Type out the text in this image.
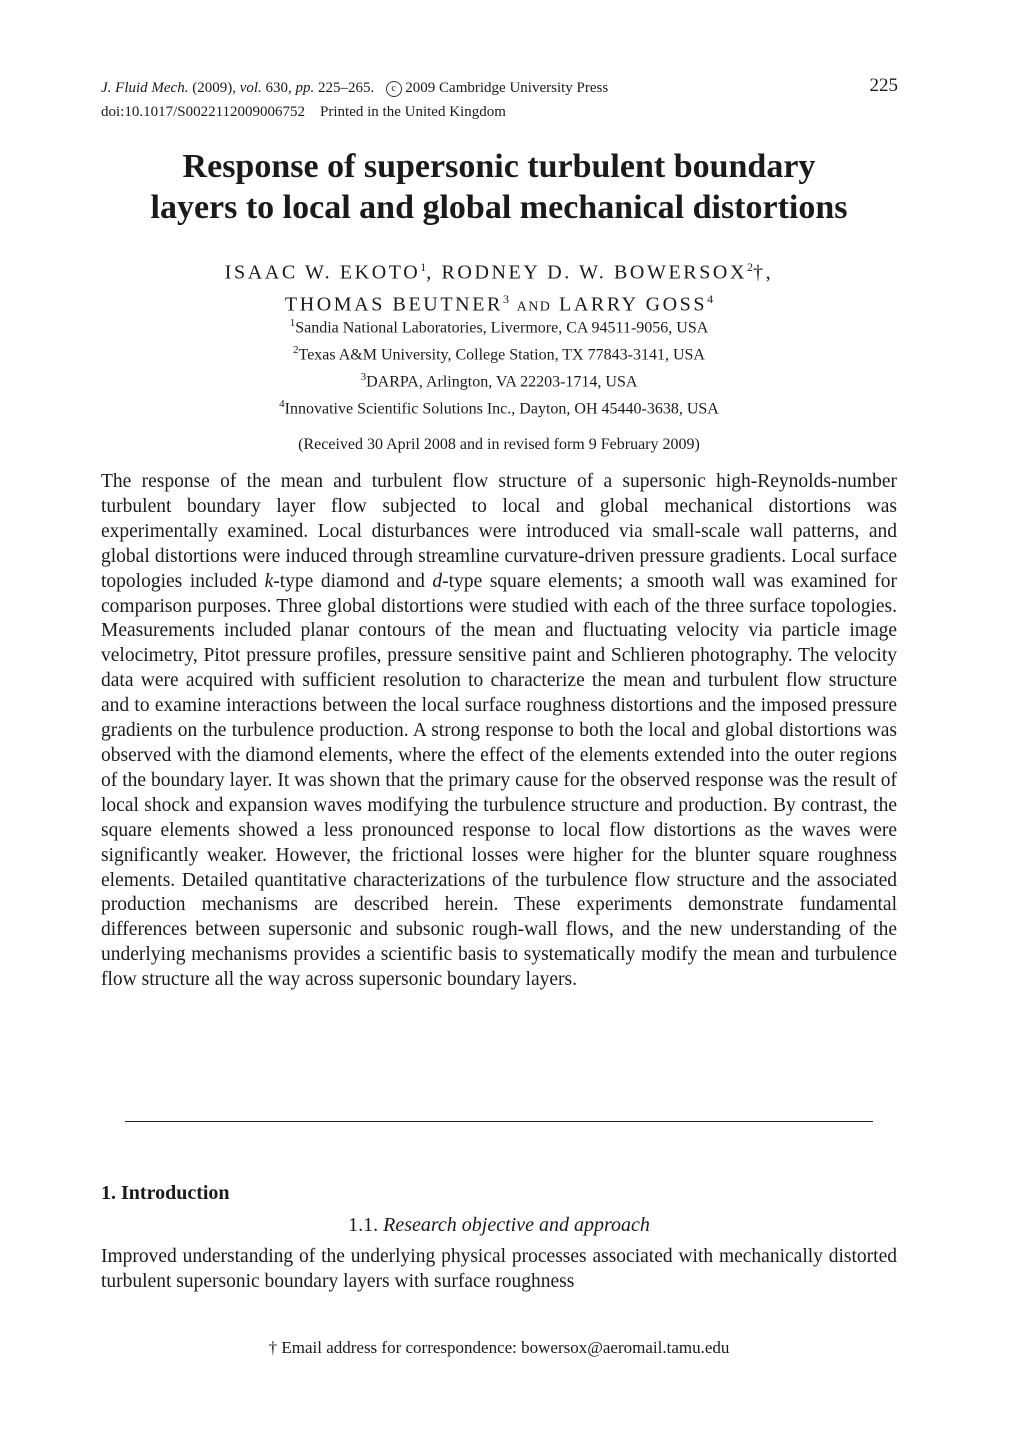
J. Fluid Mech. (2009), vol. 630, pp. 225–265. c 2009 Cambridge University Press
doi:10.1017/S0022112009006752 Printed in the United Kingdom
225
Response of supersonic turbulent boundary
layers to local and global mechanical distortions
ISAAC W. EKOTO$^1$, RODNEY D. W. BOWERSOX$^2$†,
THOMAS BEUTNER$^3$ AND LARRY GOSS$^4$
$^1$Sandia National Laboratories, Livermore, CA 94511-9056, USA
$^2$Texas A&M University, College Station, TX 77843-3141, USA
$^3$DARPA, Arlington, VA 22203-1714, USA
$^4$Innovative Scientific Solutions Inc., Dayton, OH 45440-3638, USA
(Received 30 April 2008 and in revised form 9 February 2009)

The response of the mean and turbulent flow structure of a supersonic high-Reynolds-number turbulent boundary layer flow subjected to local and global mechanical distortions was experimentally examined. Local disturbances were introduced via small-scale wall patterns, and global distortions were induced through streamline curvature-driven pressure gradients. Local surface topologies included k-type diamond and d-type square elements; a smooth wall was examined for comparison purposes. Three global distortions were studied with each of the three surface topologies. Measurements included planar contours of the mean and fluctuating velocity via particle image velocimetry, Pitot pressure profiles, pressure sensitive paint and Schlieren photography. The velocity data were acquired with sufficient resolution to characterize the mean and turbulent flow structure and to examine interactions between the local surface roughness distortions and the imposed pressure gradients on the turbulence production. A strong response to both the local and global distortions was observed with the diamond elements, where the effect of the elements extended into the outer regions of the boundary layer. It was shown that the primary cause for the observed response was the result of local shock and expansion waves modifying the turbulence structure and production. By contrast, the square elements showed a less pronounced response to local flow distortions as the waves were significantly weaker. However, the frictional losses were higher for the blunter square roughness elements. Detailed quantitative characterizations of the turbulence flow structure and the associated production mechanisms are described herein. These experiments demonstrate fundamental differences between supersonic and subsonic rough-wall flows, and the new understanding of the underlying mechanisms provides a scientific basis to systematically modify the mean and turbulence flow structure all the way across supersonic boundary layers.

1. Introduction
1.1. Research objective and approach

Improved understanding of the underlying physical processes associated with mechanically distorted turbulent supersonic boundary layers with surface roughness

† Email address for correspondence: bowersox@aeromail.tamu.edu
